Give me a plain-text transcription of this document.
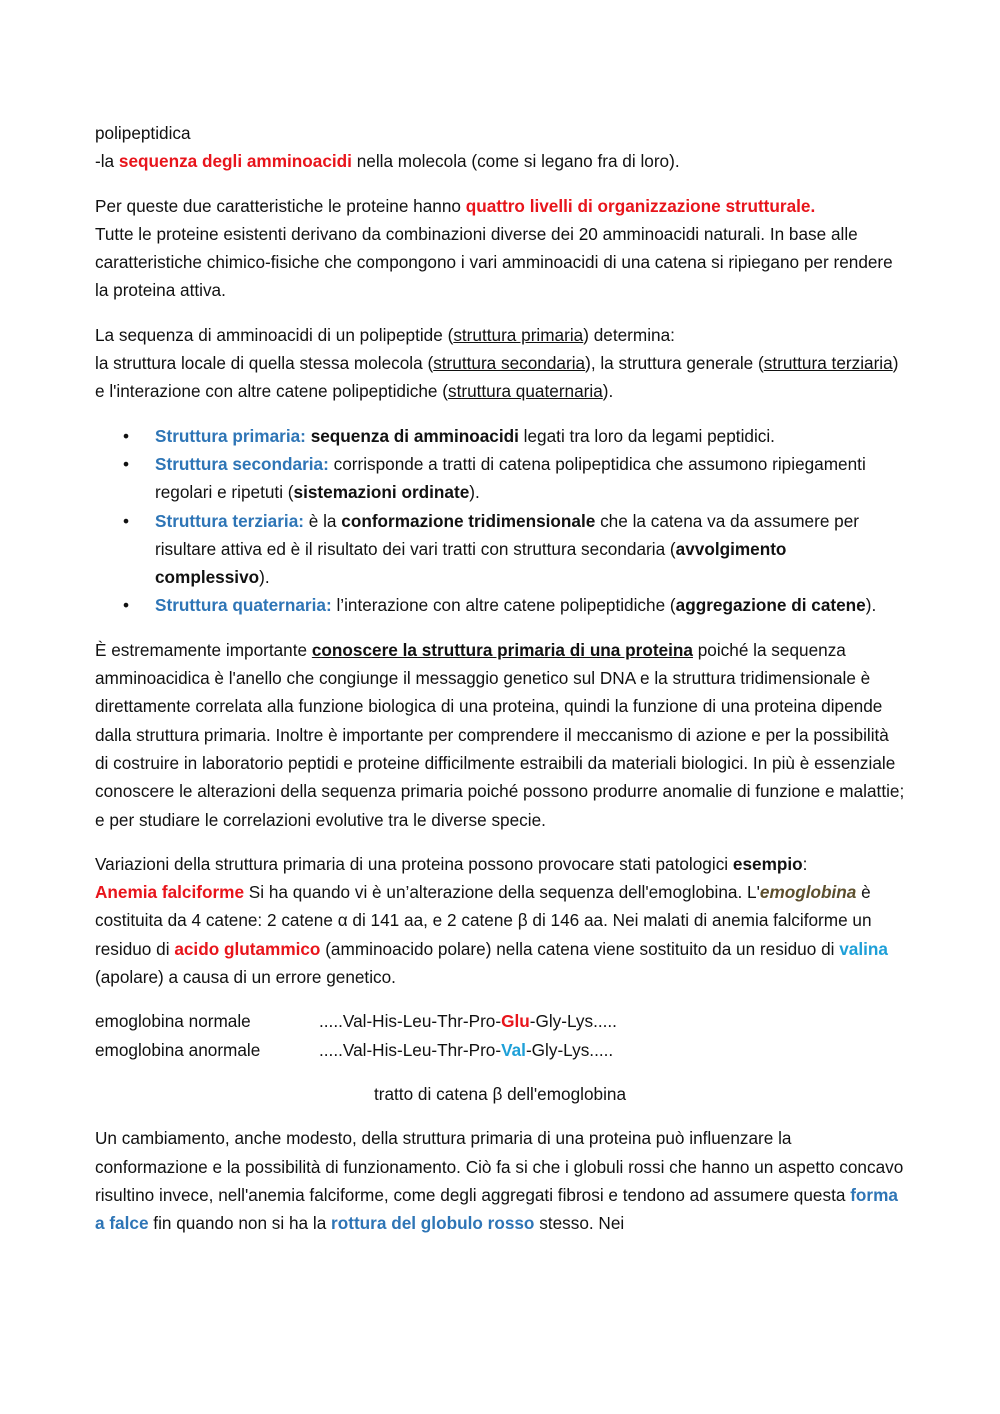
polipeptidica
-la sequenza degli amminoacidi nella molecola (come si legano fra di loro).

Per queste due caratteristiche le proteine hanno quattro livelli di organizzazione strutturale.
Tutte le proteine esistenti derivano da combinazioni diverse dei 20 amminoacidi naturali. In base alle caratteristiche chimico-fisiche che compongono i vari amminoacidi di una catena si ripiegano per rendere la proteina attiva.

La sequenza di amminoacidi di un polipeptide (struttura primaria) determina:
la struttura locale di quella stessa molecola (struttura secondaria), la struttura generale (struttura terziaria) e l'interazione con altre catene polipeptidiche (struttura quaternaria).

• Struttura primaria: sequenza di amminoacidi legati tra loro da legami peptidici.
• Struttura secondaria: corrisponde a tratti di catena polipeptidica che assumono ripiegamenti regolari e ripetuti (sistemazioni ordinate).
• Struttura terziaria: è la conformazione tridimensionale che la catena va da assumere per risultare attiva ed è il risultato dei vari tratti con struttura secondaria (avvolgimento complessivo).
• Struttura quaternaria: l’interazione con altre catene polipeptidiche (aggregazione di catene).

È estremamente importante conoscere la struttura primaria di una proteina poiché la sequenza amminoacidica è l'anello che congiunge il messaggio genetico sul DNA e la struttura tridimensionale è direttamente correlata alla funzione biologica di una proteina, quindi la funzione di una proteina dipende dalla struttura primaria. Inoltre è importante per comprendere il meccanismo di azione e per la possibilità di costruire in laboratorio peptidi e proteine difficilmente estraibili da materiali biologici. In più è essenziale conoscere le alterazioni della sequenza primaria poiché possono produrre anomalie di funzione e malattie; e per studiare le correlazioni evolutive tra le diverse specie.

Variazioni della struttura primaria di una proteina possono provocare stati patologici esempio:
Anemia falciforme Si ha quando vi è un’alterazione della sequenza dell'emoglobina. L'emoglobina è costituita da 4 catene: 2 catene α di 141 aa, e 2 catene β di 146 aa. Nei malati di anemia falciforme un residuo di acido glutammico (amminoacido polare) nella catena viene sostituito da un residuo di valina (apolare) a causa di un errore genetico.

emoglobina normale	.....Val-His-Leu-Thr-Pro-Glu-Gly-Lys.....
emoglobina anormale	.....Val-His-Leu-Thr-Pro-Val-Gly-Lys.....

tratto di catena β dell'emoglobina

Un cambiamento, anche modesto, della struttura primaria di una proteina può influenzare la conformazione e la possibilità di funzionamento. Ciò fa si che i globuli rossi che hanno un aspetto concavo risultino invece, nell'anemia falciforme, come degli aggregati fibrosi e tendono ad assumere questa forma a falce fin quando non si ha la rottura del globulo rosso stesso. Nei
